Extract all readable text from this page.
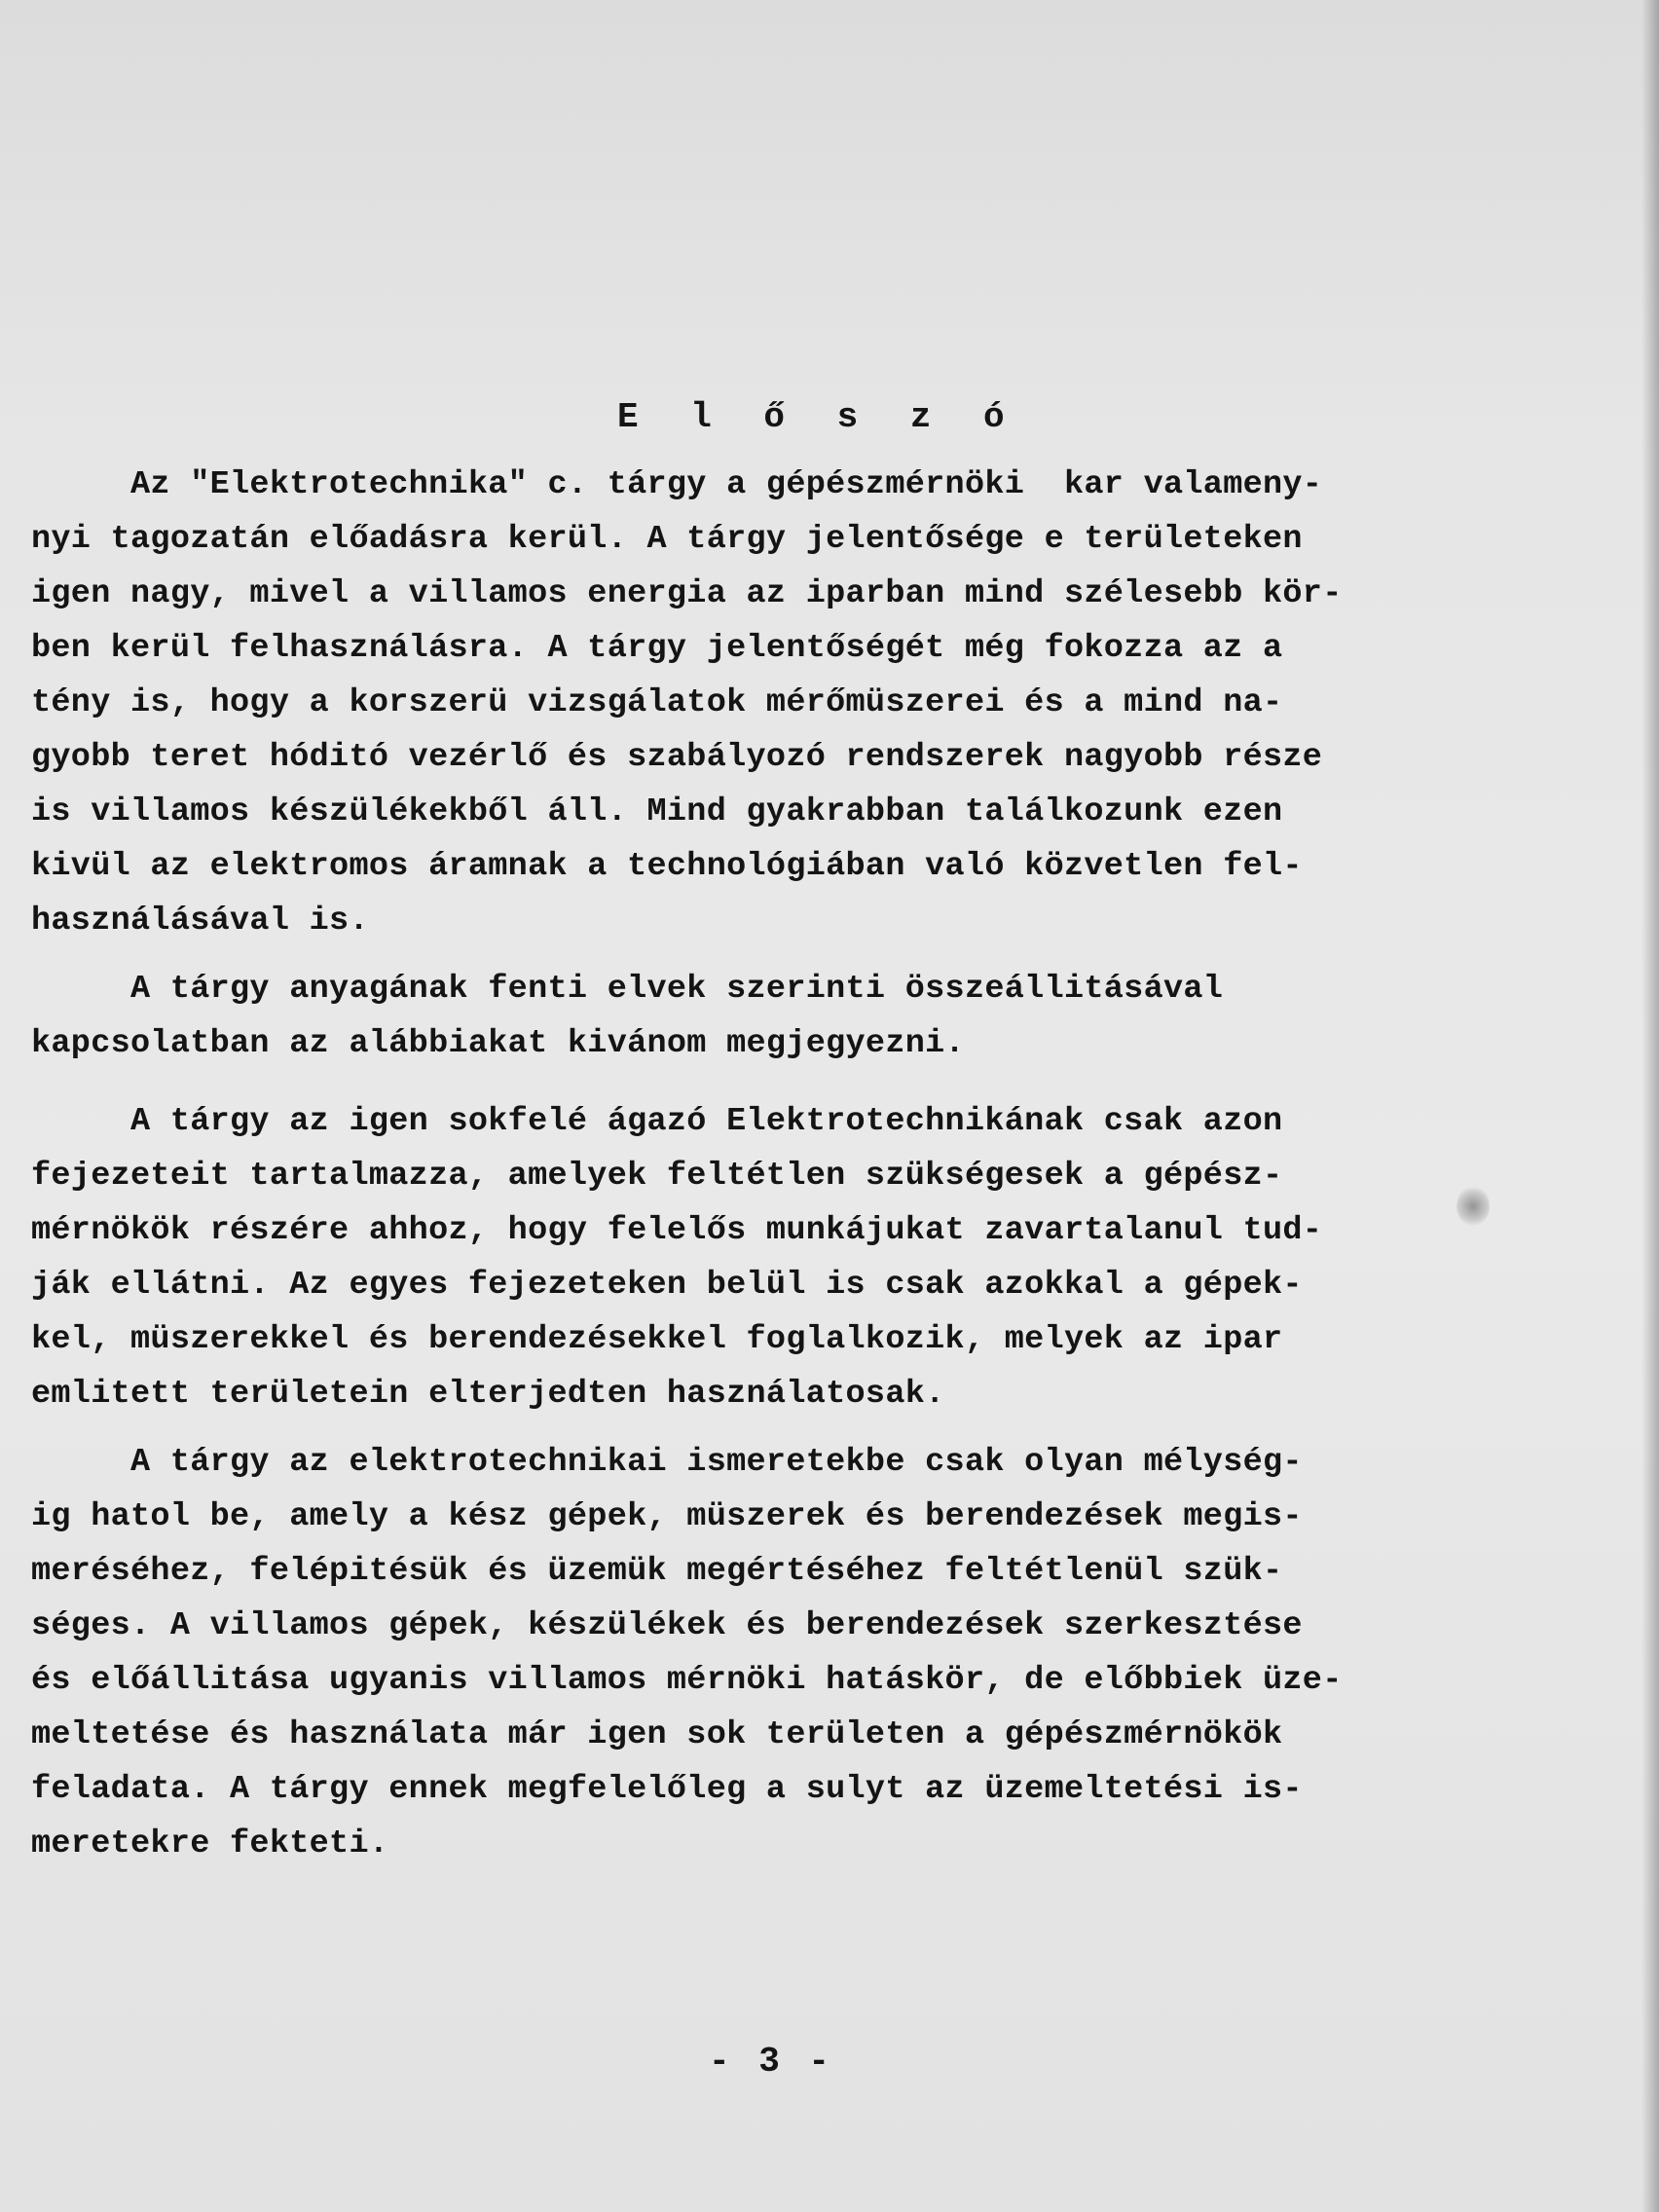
E l ő s z ó
Az "Elektrotechnika" c. tárgy a gépészmérnöki  kar valameny-
nyi tagozatán előadásra kerül. A tárgy jelentősége e területeken
igen nagy, mivel a villamos energia az iparban mind szélesebb kör-
ben kerül felhasználásra. A tárgy jelentőségét még fokozza az a
tény is, hogy a korszerü vizsgálatok mérőmüszerei és a mind na-
gyobb teret hóditó vezérlő és szabályozó rendszerek nagyobb része
is villamos készülékekből áll. Mind gyakrabban találkozunk ezen
kivül az elektromos áramnak a technológiában való közvetlen fel-
használásával is.
A tárgy anyagának fenti elvek szerinti összeállitásával
kapcsolatban az alábbiakat kivánom megjegyezni.
A tárgy az igen sokfelé ágazó Elektrotechnikának csak azon
fejezeteit tartalmazza, amelyek feltétlen szükségesek a gépész-
mérnökök részére ahhoz, hogy felelős munkájukat zavartalanul tud-
ják ellátni. Az egyes fejezeteken belül is csak azokkal a gépek-
kel, müszerekkel és berendezésekkel foglalkozik, melyek az ipar
emlitett területein elterjedten használatosak.
A tárgy az elektrotechnikai ismeretekbe csak olyan mélység-
ig hatol be, amely a kész gépek, müszerek és berendezések megis-
meréséhez, felépitésük és üzemük megértéséhez feltétlenül szük-
séges. A villamos gépek, készülékek és berendezések szerkesztése
és előállitása ugyanis villamos mérnöki hatáskör, de előbbiek üze-
meltetése és használata már igen sok területen a gépészmérnökök
feladata. A tárgy ennek megfelelőleg a sulyt az üzemeltetési is-
meretekre fekteti.
- 3 -
